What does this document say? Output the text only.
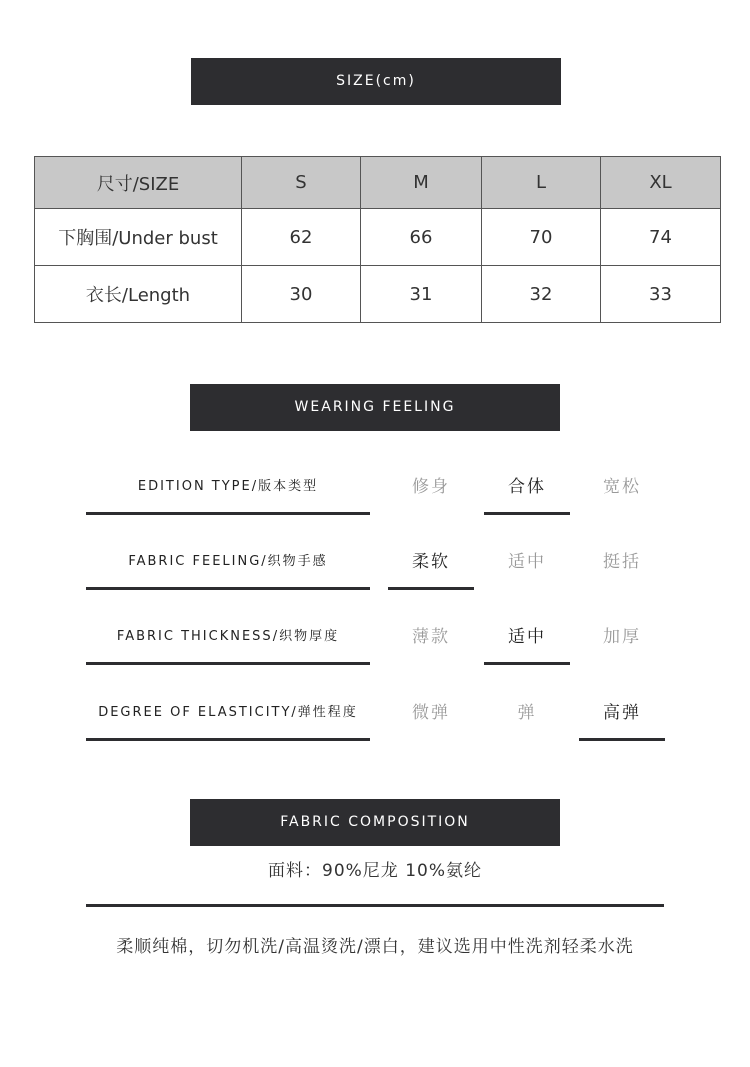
SIZE(cm)
尺寸/SIZE	S	M	L	XL
下胸围/Under bust	62	66	70	74
衣长/Length	30	31	32	33
WEARING FEELING
EDITION TYPE/版本类型	修身	合体	宽松
FABRIC FEELING/织物手感	柔软	适中	挺括
FABRIC THICKNESS/织物厚度	薄款	适中	加厚
DEGREE OF ELASTICITY/弹性程度	微弹	弹	高弹
FABRIC COMPOSITION
面料：90%尼龙 10%氨纶
柔顺纯棉，切勿机洗/高温烫洗/漂白，建议选用中性洗剂轻柔水洗
